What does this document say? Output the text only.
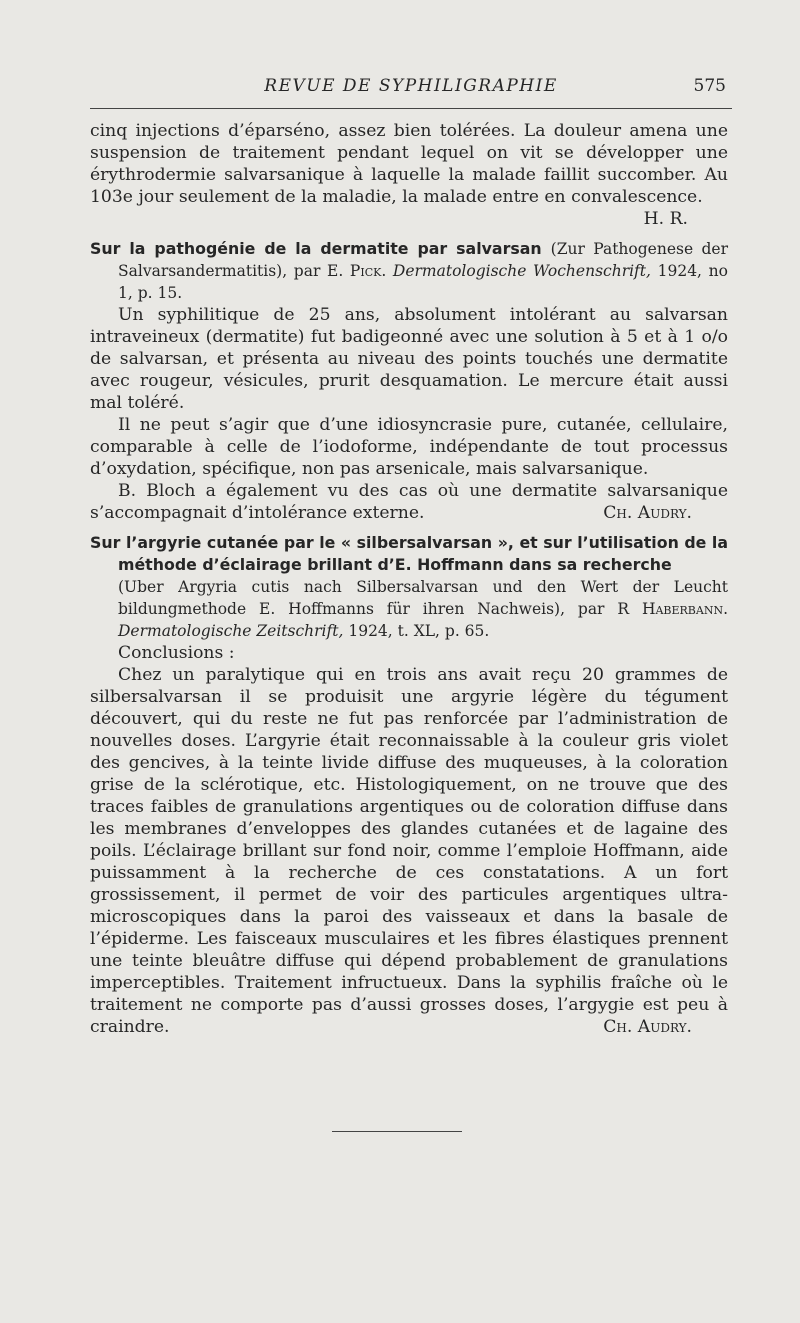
REVUE DE SYPHILIGRAPHIE	575

cinq injections d’éparséno, assez bien tolérées. La douleur amena une suspension de traitement pendant lequel on vit se développer une érythrodermie salvarsanique à laquelle la malade faillit succomber. Au 103e jour seulement de la maladie, la malade entre en convalescence.
H. R.

Sur la pathogénie de la dermatite par salvarsan (Zur Pathogenese der Salvarsandermatitis), par E. Pick. Dermatologische Wochenschrift, 1924, no 1, p. 15.

Un syphilitique de 25 ans, absolument intolérant au salvarsan intraveineux (dermatite) fut badigeonné avec une solution à 5 et à 1 o/o de salvarsan, et présenta au niveau des points touchés une dermatite avec rougeur, vésicules, prurit desquamation. Le mercure était aussi mal toléré.

Il ne peut s’agir que d’une idiosyncrasie pure, cutanée, cellulaire, comparable à celle de l’iodoforme, indépendante de tout processus d’oxydation, spécifique, non pas arsenicale, mais salvarsanique.

B. Bloch a également vu des cas où une dermatite salvarsanique s’accompagnait d’intolérance externe.	Ch. Audry.

Sur l’argyrie cutanée par le « silbersalvarsan », et sur l’utilisation de la méthode d’éclairage brillant d’E. Hoffmann dans sa recherche

(Uber Argyria cutis nach Silbersalvarsan und den Wert der Leucht bildungmethode E. Hoffmanns für ihren Nachweis), par R Haberbann. Dermatologische Zeitschrift, 1924, t. XL, p. 65.

Conclusions :

Chez un paralytique qui en trois ans avait reçu 20 grammes de silbersalvarsan il se produisit une argyrie légère du tégument découvert, qui du reste ne fut pas renforcée par l’administration de nouvelles doses. L’argyrie était reconnaissable à la couleur gris violet des gencives, à la teinte livide diffuse des muqueuses, à la coloration grise de la sclérotique, etc. Histologiquement, on ne trouve que des traces faibles de granulations argentiques ou de coloration diffuse dans les membranes d’enveloppes des glandes cutanées et de lagaine des poils. L’éclairage brillant sur fond noir, comme l’emploie Hoffmann, aide puissamment à la recherche de ces constatations. A un fort grossissement, il permet de voir des particules argentiques ultra-microscopiques dans la paroi des vaisseaux et dans la basale de l’épiderme. Les faisceaux musculaires et les fibres élastiques prennent une teinte bleuâtre diffuse qui dépend probablement de granulations imperceptibles. Traitement infructueux. Dans la syphilis fraîche où le traitement ne comporte pas d’aussi grosses doses, l’argygie est peu à craindre.	Ch. Audry.
